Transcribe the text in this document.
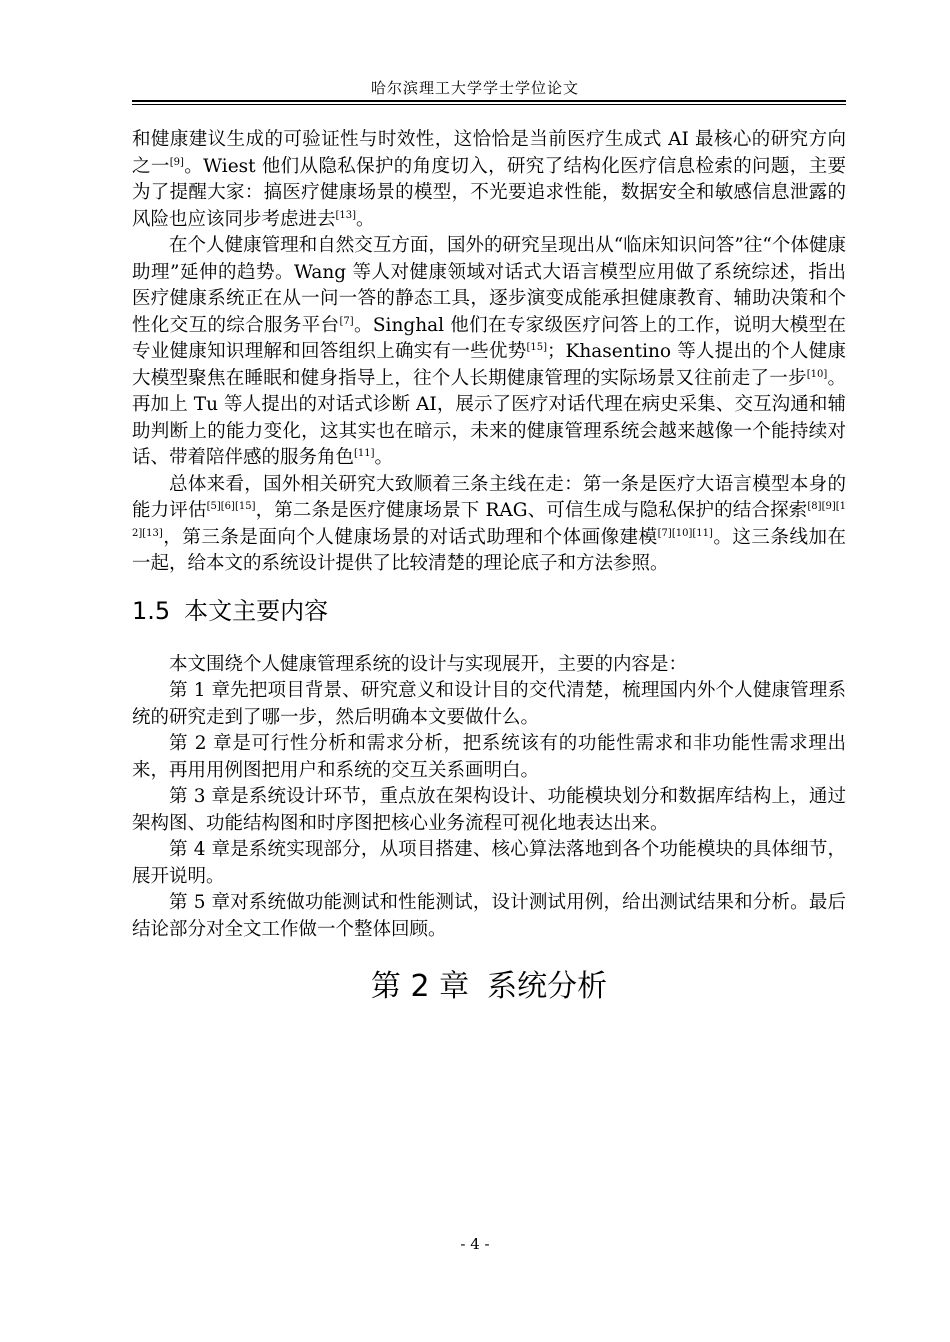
哈尔滨理工大学学士学位论文

和健康建议生成的可验证性与时效性，这恰恰是当前医疗生成式 AI 最核心的研究方向之一[9]。Wiest 他们从隐私保护的角度切入，研究了结构化医疗信息检索的问题，主要为了提醒大家：搞医疗健康场景的模型，不光要追求性能，数据安全和敏感信息泄露的风险也应该同步考虑进去[13]。

在个人健康管理和自然交互方面，国外的研究呈现出从“临床知识问答”往“个体健康助理”延伸的趋势。Wang 等人对健康领域对话式大语言模型应用做了系统综述，指出医疗健康系统正在从一问一答的静态工具，逐步演变成能承担健康教育、辅助决策和个性化交互的综合服务平台[7]。Singhal 他们在专家级医疗问答上的工作，说明大模型在专业健康知识理解和回答组织上确实有一些优势[15]；Khasentino 等人提出的个人健康大模型聚焦在睡眠和健身指导上，往个人长期健康管理的实际场景又往前走了一步[10]。再加上 Tu 等人提出的对话式诊断 AI，展示了医疗对话代理在病史采集、交互沟通和辅助判断上的能力变化，这其实也在暗示，未来的健康管理系统会越来越像一个能持续对话、带着陪伴感的服务角色[11]。

总体来看，国外相关研究大致顺着三条主线在走：第一条是医疗大语言模型本身的能力评估[5][6][15]，第二条是医疗健康场景下 RAG、可信生成与隐私保护的结合探索[8][9][12][13]，第三条是面向个人健康场景的对话式助理和个体画像建模[7][10][11]。这三条线加在一起，给本文的系统设计提供了比较清楚的理论底子和方法参照。

1.5 本文主要内容

本文围绕个人健康管理系统的设计与实现展开，主要的内容是：

第 1 章先把项目背景、研究意义和设计目的交代清楚，梳理国内外个人健康管理系统的研究走到了哪一步，然后明确本文要做什么。

第 2 章是可行性分析和需求分析，把系统该有的功能性需求和非功能性需求理出来，再用用例图把用户和系统的交互关系画明白。

第 3 章是系统设计环节，重点放在架构设计、功能模块划分和数据库结构上，通过架构图、功能结构图和时序图把核心业务流程可视化地表达出来。

第 4 章是系统实现部分，从项目搭建、核心算法落地到各个功能模块的具体细节，展开说明。

第 5 章对系统做功能测试和性能测试，设计测试用例，给出测试结果和分析。最后结论部分对全文工作做一个整体回顾。

第 2 章 系统分析
- 4 -
